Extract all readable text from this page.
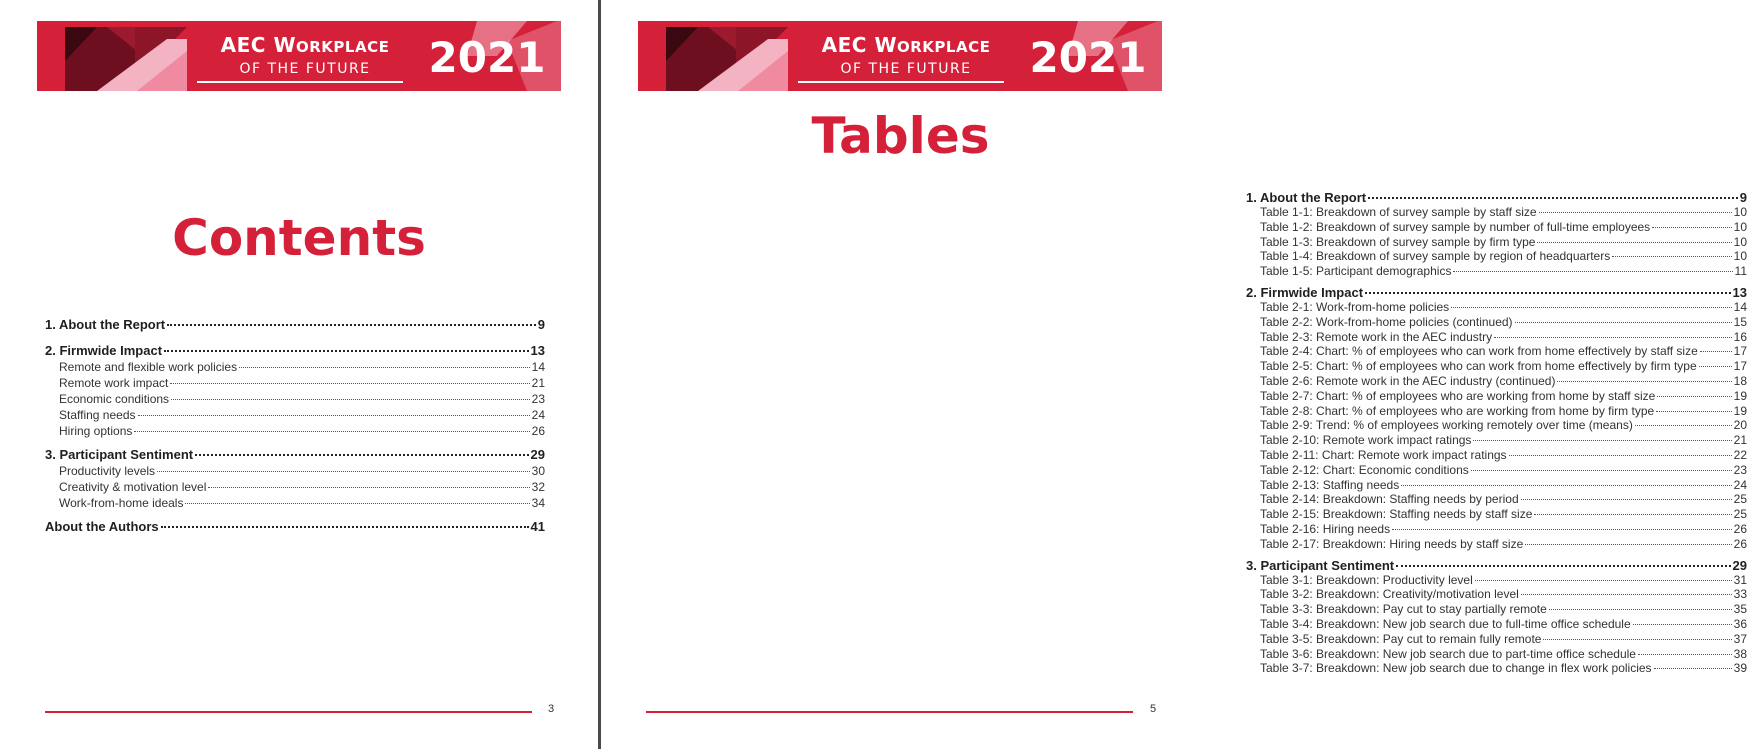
AEC WORKPLACE
OF THE FUTURE	2021
Contents
1. About the Report	9
2. Firmwide Impact	13
Remote and flexible work policies	14
Remote work impact	21
Economic conditions	23
Staffing needs	24
Hiring options	26
3. Participant Sentiment	29
Productivity levels	30
Creativity & motivation level	32
Work-from-home ideals	34
About the Authors	41
3
AEC WORKPLACE
OF THE FUTURE	2021
Tables
1. About the Report	9
Table 1-1: Breakdown of survey sample by staff size	10
Table 1-2: Breakdown of survey sample by number of full-time employees	10
Table 1-3: Breakdown of survey sample by firm type	10
Table 1-4: Breakdown of survey sample by region of headquarters	10
Table 1-5: Participant demographics	11
2. Firmwide Impact	13
Table 2-1: Work-from-home policies	14
Table 2-2: Work-from-home policies (continued)	15
Table 2-3: Remote work in the AEC industry	16
Table 2-4: Chart: % of employees who can work from home effectively by staff size	17
Table 2-5: Chart: % of employees who can work from home effectively by firm type	17
Table 2-6: Remote work in the AEC industry (continued)	18
Table 2-7: Chart: % of employees who are working from home by staff size	19
Table 2-8: Chart: % of employees who are working from home by firm type	19
Table 2-9: Trend: % of employees working remotely over time (means)	20
Table 2-10: Remote work impact ratings	21
Table 2-11: Chart: Remote work impact ratings	22
Table 2-12: Chart: Economic conditions	23
Table 2-13: Staffing needs	24
Table 2-14: Breakdown: Staffing needs by period	25
Table 2-15: Breakdown: Staffing needs by staff size	25
Table 2-16: Hiring needs	26
Table 2-17: Breakdown: Hiring needs by staff size	26
3. Participant Sentiment	29
Table 3-1: Breakdown: Productivity level	31
Table 3-2: Breakdown: Creativity/motivation level	33
Table 3-3: Breakdown: Pay cut to stay partially remote	35
Table 3-4: Breakdown: New job search due to full-time office schedule	36
Table 3-5: Breakdown: Pay cut to remain fully remote	37
Table 3-6: Breakdown: New job search due to part-time office schedule	38
Table 3-7: Breakdown: New job search due to change in flex work policies	39
5
